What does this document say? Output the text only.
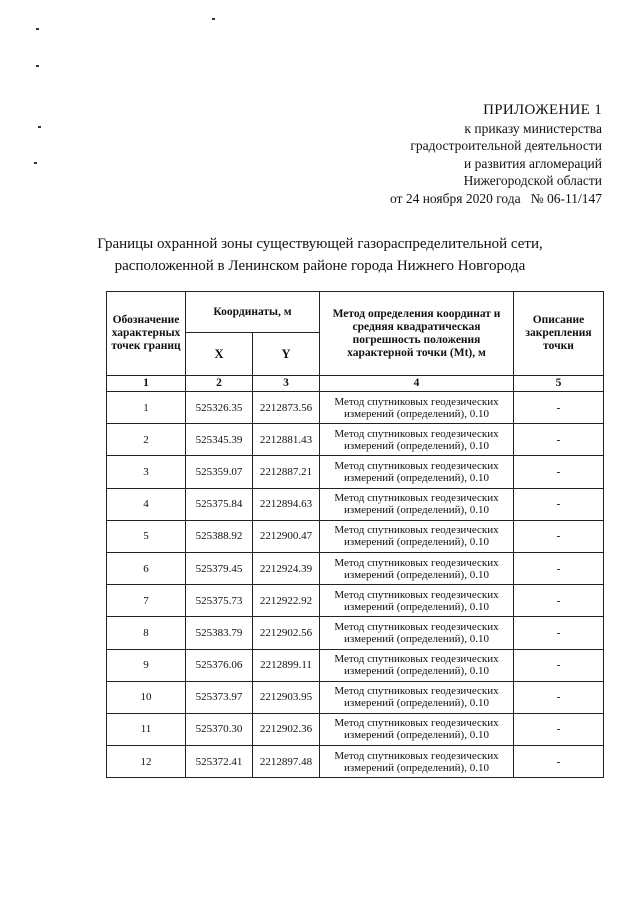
ПРИЛОЖЕНИЕ 1
к приказу министерства
градостроительной деятельности
и развития агломераций
Нижегородской области
от 24 ноября 2020 года   № 06-11/147
Границы охранной зоны существующей газораспределительной сети,
расположенной в Ленинском районе города Нижнего Новгорода
Обозначение характерных точек границ	Координаты, м		Метод определения координат и средняя квадратическая погрешность положения характерной точки (Mt), м	Описание закрепления точки
	X	Y		
1	2	3	4	5
1	525326.35	2212873.56	Метод спутниковых геодезических измерений (определений), 0.10	-
2	525345.39	2212881.43	Метод спутниковых геодезических измерений (определений), 0.10	-
3	525359.07	2212887.21	Метод спутниковых геодезических измерений (определений), 0.10	-
4	525375.84	2212894.63	Метод спутниковых геодезических измерений (определений), 0.10	-
5	525388.92	2212900.47	Метод спутниковых геодезических измерений (определений), 0.10	-
6	525379.45	2212924.39	Метод спутниковых геодезических измерений (определений), 0.10	-
7	525375.73	2212922.92	Метод спутниковых геодезических измерений (определений), 0.10	-
8	525383.79	2212902.56	Метод спутниковых геодезических измерений (определений), 0.10	-
9	525376.06	2212899.11	Метод спутниковых геодезических измерений (определений), 0.10	-
10	525373.97	2212903.95	Метод спутниковых геодезических измерений (определений), 0.10	-
11	525370.30	2212902.36	Метод спутниковых геодезических измерений (определений), 0.10	-
12	525372.41	2212897.48	Метод спутниковых геодезических измерений (определений), 0.10	-
